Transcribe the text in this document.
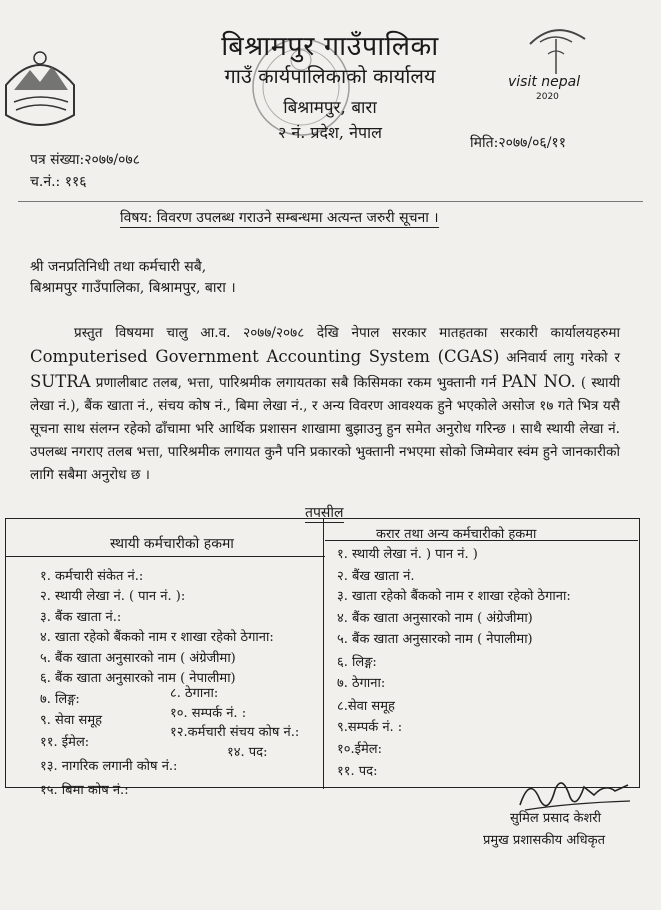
visit nepal
2020
बिश्रामपुर गाउँपालिका
गाउँ कार्यपालिकाको कार्यालय
बिश्रामपुर, बारा
२ नं. प्रदेश, नेपाल
मिति:२०७७/०६/११
पत्र संख्या:२०७७/०७८
च.नं.: ११६
विषय: विवरण उपलब्ध गराउने सम्बन्धमा अत्यन्त जरुरी सूचना ।
श्री जनप्रतिनिधी तथा कर्मचारी सबै,
बिश्रामपुर गाउँपालिका, बिश्रामपुर, बारा ।
प्रस्तुत विषयमा चालु आ.व. २०७७/२०७८ देखि नेपाल सरकार मातहतका सरकारी कार्यालयहरुमा Computerised Government Accounting System (CGAS) अनिवार्य लागु गरेको र SUTRA प्रणालीबाट तलब, भत्ता, पारिश्रमीक लगायतका सबै किसिमका रकम भुक्तानी गर्न PAN NO. ( स्थायी लेखा नं.), बैंक खाता नं., संचय कोष नं., बिमा लेखा नं., र अन्य विवरण आवश्यक हुने भएकोले असोज १७ गते भित्र यसै सूचना साथ संलग्न रहेको ढाँचामा भरि आर्थिक प्रशासन शाखामा बुझाउनु हुन समेत अनुरोध गरिन्छ । साथै स्थायी लेखा नं. उपलब्ध नगराए तलब भत्ता, पारिश्रमीक लगायत कुनै पनि प्रकारको भुक्तानी नभएमा सोको जिम्मेवार स्वंम हुने जानकारीको लागि सबैमा अनुरोध छ ।
तपसील
स्थायी कर्मचारीको हकमा
करार तथा अन्य कर्मचारीको हकमा
१. कर्मचारी संकेत नं.:
२. स्थायी लेखा नं. ( पान नं. ):
३. बैंक खाता नं.:
४. खाता रहेको बैंकको नाम र शाखा रहेको ठेगाना:
५. बैंक खाता अनुसारको नाम ( अंग्रेजीमा)
६. बैंक खाता अनुसारको नाम ( नेपालीमा)
७. लिङ्ग:	८. ठेगाना:
९. सेवा समूह	१०. सम्पर्क नं. :
११. ईमेल:
१२.कर्मचारी संचय कोष नं.:
१३. नागरिक लगानी कोष नं.:
१४. पद:
१५. बिमा कोष नं.:
१. स्थायी लेखा नं. ) पान नं. )
२. बैंख खाता नं.
३. खाता रहेको बैंकको नाम र शाखा रहेको ठेगाना:
४. बैंक खाता अनुसारको नाम ( अंग्रेजीमा)
५. बैंक खाता अनुसारको नाम ( नेपालीमा)
६. लिङ्ग:
७. ठेगाना:
८.सेवा समूह
९.सम्पर्क नं. :
१०.ईमेल:
११. पद:
सुमिल प्रसाद केशरी
प्रमुख प्रशासकीय अधिकृत
